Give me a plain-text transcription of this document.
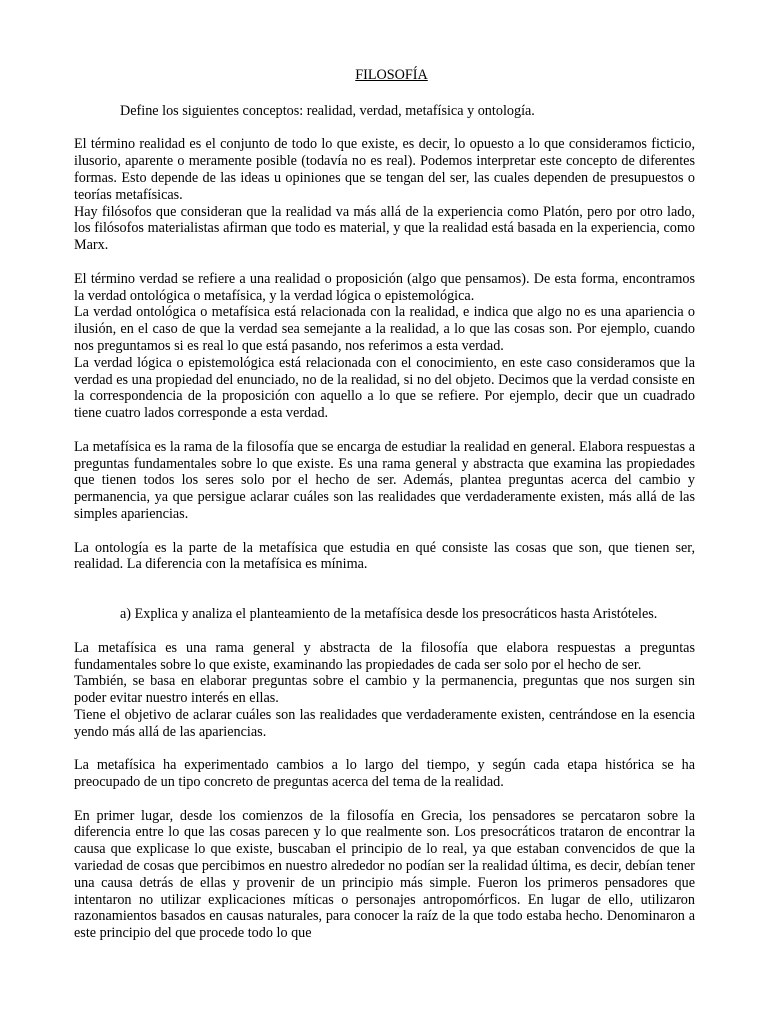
FILOSOFÍA

Define los siguientes conceptos: realidad, verdad, metafísica y ontología.

El término realidad es el conjunto de todo lo que existe, es decir, lo opuesto a lo que consideramos ficticio, ilusorio, aparente o meramente posible (todavía no es real). Podemos interpretar este concepto de diferentes formas. Esto depende de las ideas u opiniones que se tengan del ser, las cuales dependen de presupuestos o teorías metafísicas.

Hay filósofos que consideran que la realidad va más allá de la experiencia como Platón, pero por otro lado, los filósofos materialistas afirman que todo es material, y que la realidad está basada en la experiencia, como Marx.

El término verdad se refiere a una realidad o proposición (algo que pensamos). De esta forma, encontramos la verdad ontológica o metafísica, y la verdad lógica o epistemológica.

La verdad ontológica o metafísica está relacionada con la realidad, e indica que algo no es una apariencia o ilusión, en el caso de que la verdad sea semejante a la realidad, a lo que las cosas son. Por ejemplo, cuando nos preguntamos si es real lo que está pasando, nos referimos a esta verdad.

La verdad lógica o epistemológica está relacionada con el conocimiento, en este caso consideramos que la verdad es una propiedad del enunciado, no de la realidad, si no del objeto. Decimos que la verdad consiste en la correspondencia de la proposición con aquello a lo que se refiere. Por ejemplo, decir que un cuadrado tiene cuatro lados corresponde a esta verdad.

La metafísica es la rama de la filosofía que se encarga de estudiar la realidad en general. Elabora respuestas a preguntas fundamentales sobre lo que existe. Es una rama general y abstracta que examina las propiedades que tienen todos los seres solo por el hecho de ser. Además, plantea preguntas acerca del cambio y permanencia, ya que persigue aclarar cuáles son las realidades que verdaderamente existen, más allá de las simples apariencias.

La ontología es la parte de la metafísica que estudia en qué consiste las cosas que son, que tienen ser, realidad. La diferencia con la metafísica es mínima.

a) Explica y analiza el planteamiento de la metafísica desde los presocráticos hasta Aristóteles.

La metafísica es una rama general y abstracta de la filosofía que elabora respuestas a preguntas fundamentales sobre lo que existe, examinando las propiedades de cada ser solo por el hecho de ser.

También, se basa en elaborar preguntas sobre el cambio y la permanencia, preguntas que nos surgen sin poder evitar nuestro interés en ellas.

Tiene el objetivo de aclarar cuáles son las realidades que verdaderamente existen, centrándose en la esencia yendo más allá de las apariencias.

La metafísica ha experimentado cambios a lo largo del tiempo, y según cada etapa histórica se ha preocupado de un tipo concreto de preguntas acerca del tema de la realidad.

En primer lugar, desde los comienzos de la filosofía en Grecia, los pensadores se percataron sobre la diferencia entre lo que las cosas parecen y lo que realmente son. Los presocráticos trataron de encontrar la causa que explicase lo que existe, buscaban el principio de lo real, ya que estaban convencidos de que la variedad de cosas que percibimos en nuestro alrededor no podían ser la realidad última, es decir, debían tener una causa detrás de ellas y provenir de un principio más simple. Fueron los primeros pensadores que intentaron no utilizar explicaciones míticas o personajes antropomórficos. En lugar de ello, utilizaron razonamientos basados en causas naturales, para conocer la raíz de la que todo estaba hecho. Denominaron a este principio del que procede todo lo que
